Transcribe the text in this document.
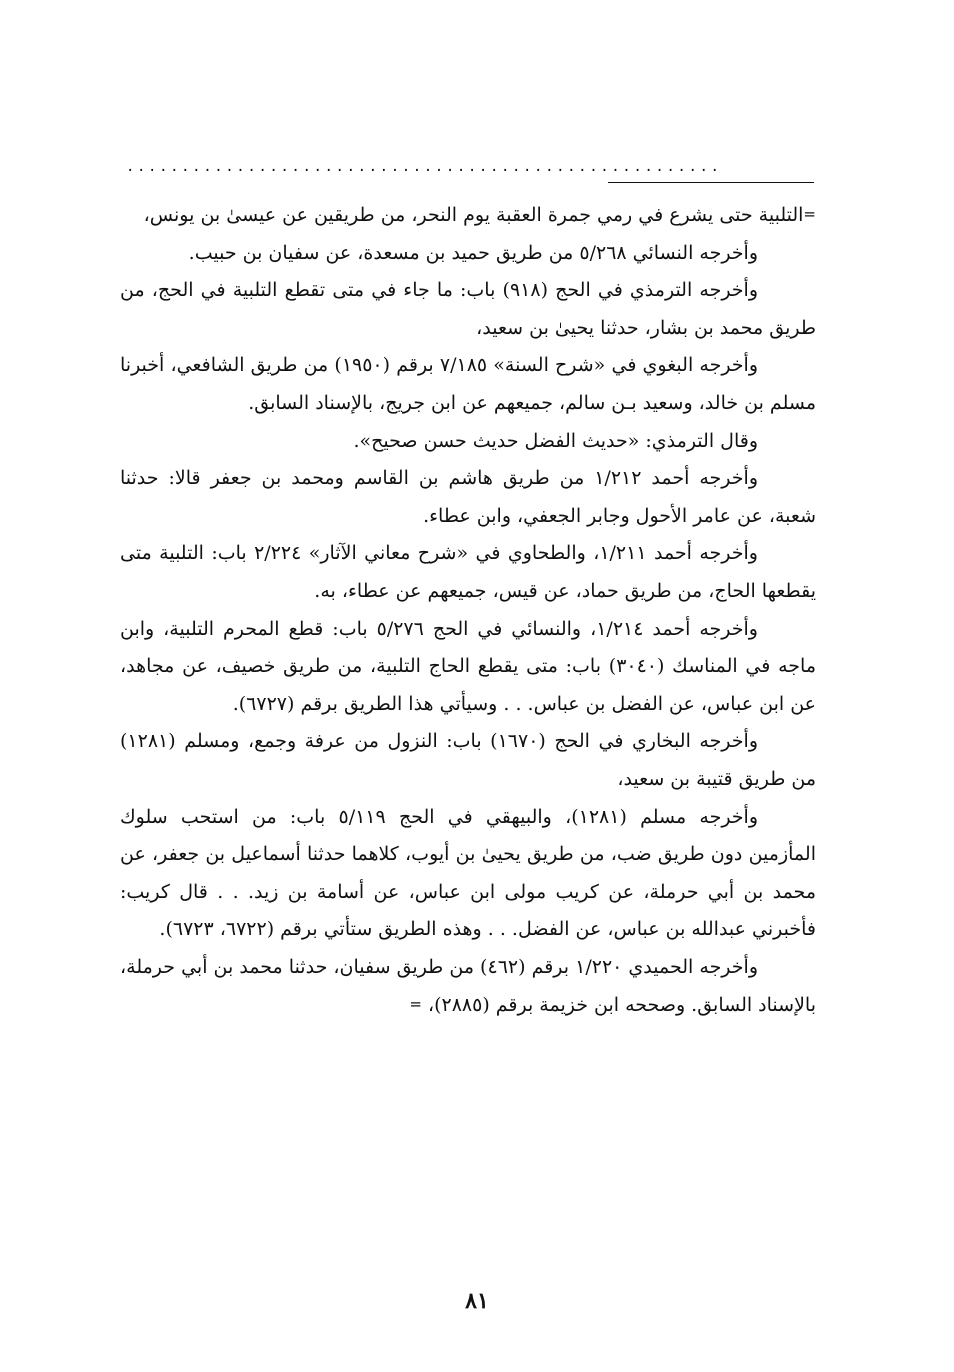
......................................................

=التلبية حتى يشرع في رمي جمرة العقبة يوم النحر، من طريقين عن عيسىٰ بن يونس،

وأخرجه النسائي ٥/٢٦٨ من طريق حميد بن مسعدة، عن سفيان بن حبيب.

وأخرجه الترمذي في الحج (٩١٨) باب: ما جاء في متى تقطع التلبية في الحج، من طريق محمد بن بشار، حدثنا يحيىٰ بن سعيد،

وأخرجه البغوي في «شرح السنة» ٧/١٨٥ برقم (١٩٥٠) من طريق الشافعي، أخبرنا مسلم بن خالد، وسعيد بـن سالم، جميعهم عن ابن جريج، بالإسناد السابق.

وقال الترمذي: «حديث الفضل حديث حسن صحيح».

وأخرجه أحمد ١/٢١٢ من طريق هاشم بن القاسم ومحمد بن جعفر قالا: حدثنا شعبة، عن عامر الأحول وجابر الجعفي، وابن عطاء.

وأخرجه أحمد ١/٢١١، والطحاوي في «شرح معاني الآثار» ٢/٢٢٤ باب: التلبية متى يقطعها الحاج، من طريق حماد، عن قيس، جميعهم عن عطاء، به.

وأخرجه أحمد ١/٢١٤، والنسائي في الحج ٥/٢٧٦ باب: قطع المحرم التلبية، وابن ماجه في المناسك (٣٠٤٠) باب: متى يقطع الحاج التلبية، من طريق خصيف، عن مجاهد، عن ابن عباس، عن الفضل بن عباس. . . وسيأتي هذا الطريق برقم (٦٧٢٧).

وأخرجه البخاري في الحج (١٦٧٠) باب: النزول من عرفة وجمع، ومسلم (١٢٨١) من طريق قتيبة بن سعيد،

وأخرجه مسلم (١٢٨١)، والبيهقي في الحج ٥/١١٩ باب: من استحب سلوك المأزمين دون طريق ضب، من طريق يحيىٰ بن أيوب، كلاهما حدثنا أسماعيل بن جعفر، عن محمد بن أبي حرملة، عن كريب مولى ابن عباس، عن أسامة بن زيد. . . قال كريب: فأخبرني عبدالله بن عباس، عن الفضل. . . وهذه الطريق ستأتي برقم (٦٧٢٢، ٦٧٢٣).

وأخرجه الحميدي ١/٢٢٠ برقم (٤٦٢) من طريق سفيان، حدثنا محمد بن أبي حرملة، بالإسناد السابق. وصححه ابن خزيمة برقم (٢٨٨٥)، =

٨١
